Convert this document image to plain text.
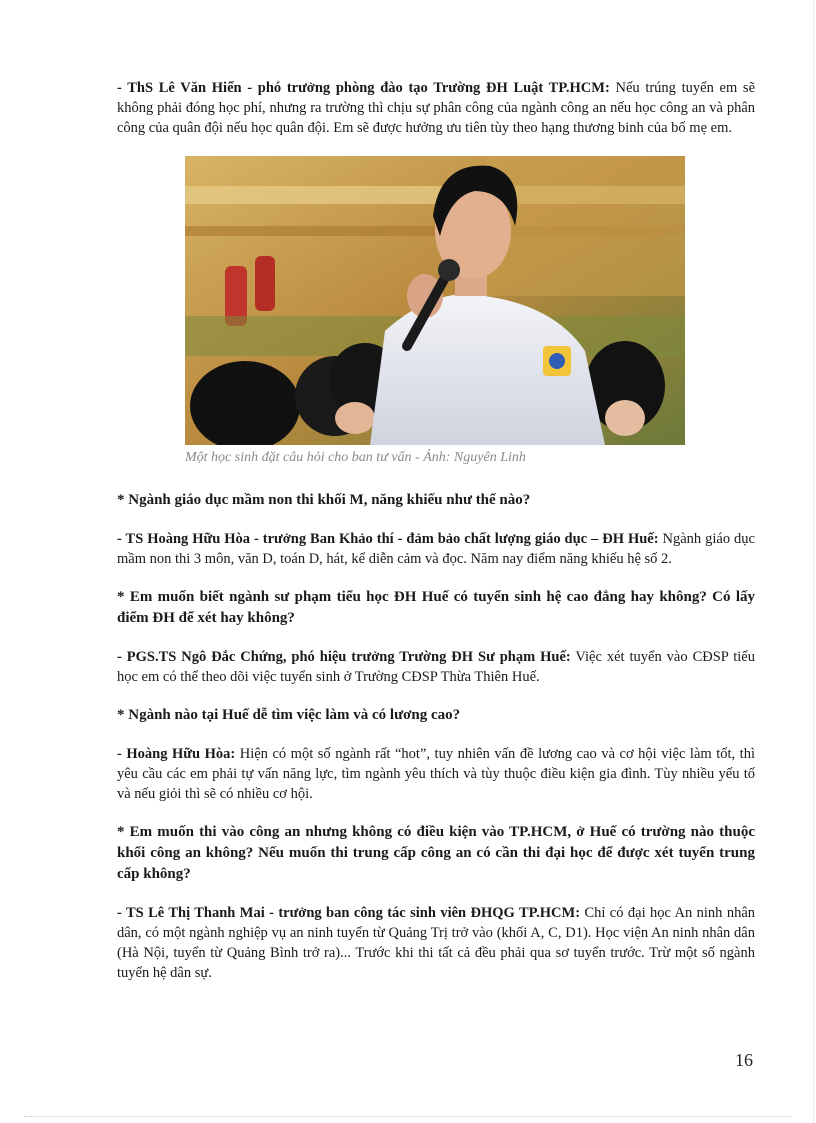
- ThS Lê Văn Hiển - phó trưởng phòng đào tạo Trường ĐH Luật TP.HCM: Nếu trúng tuyển em sẽ không phải đóng học phí, nhưng ra trường thì chịu sự phân công của ngành công an nếu học công an và phân công của quân đội nếu học quân đội. Em sẽ được hưởng ưu tiên tùy theo hạng thương binh của bố mẹ em.

Một học sinh đặt câu hỏi cho ban tư vấn - Ảnh: Nguyên Linh

* Ngành giáo dục mầm non thi khối M, năng khiếu như thế nào?

- TS Hoàng Hữu Hòa - trưởng Ban Khảo thí - đảm bảo chất lượng giáo dục – ĐH Huế: Ngành giáo dục mầm non thi 3 môn, văn D, toán D, hát, kể diễn cảm và đọc. Năm nay điểm năng khiếu hệ số 2.

* Em muốn biết ngành sư phạm tiểu học ĐH Huế có tuyển sinh hệ cao đẳng hay không? Có lấy điểm ĐH để xét hay không?

- PGS.TS Ngô Đắc Chứng, phó hiệu trưởng Trường ĐH Sư phạm Huế: Việc xét tuyển vào CĐSP tiểu học em có thể theo dõi việc tuyển sinh ở Trường CĐSP Thừa Thiên Huế.

* Ngành nào tại Huế dễ tìm việc làm và có lương cao?

- Hoàng Hữu Hòa: Hiện có một số ngành rất “hot”, tuy nhiên vấn đề lương cao và cơ hội việc làm tốt, thì yêu cầu các em phải tự vấn năng lực, tìm ngành yêu thích và tùy thuộc điều kiện gia đình. Tùy nhiều yếu tố và nếu giỏi thì sẽ có nhiều cơ hội.

* Em muốn thi vào công an nhưng không có điều kiện vào TP.HCM, ở Huế có trường nào thuộc khối công an không? Nếu muốn thi trung cấp công an có cần thi đại học để được xét tuyển trung cấp không?

- TS Lê Thị Thanh Mai - trưởng ban công tác sinh viên ĐHQG TP.HCM: Chỉ có đại học An ninh nhân dân, có một ngành nghiệp vụ an ninh tuyển từ Quảng Trị trở vào (khối A, C, D1). Học viện An ninh nhân dân (Hà Nội, tuyển từ Quảng Bình trở ra)... Trước khi thi tất cả đều phải qua sơ tuyển trước. Trừ một số ngành tuyển hệ dân sự.

16
